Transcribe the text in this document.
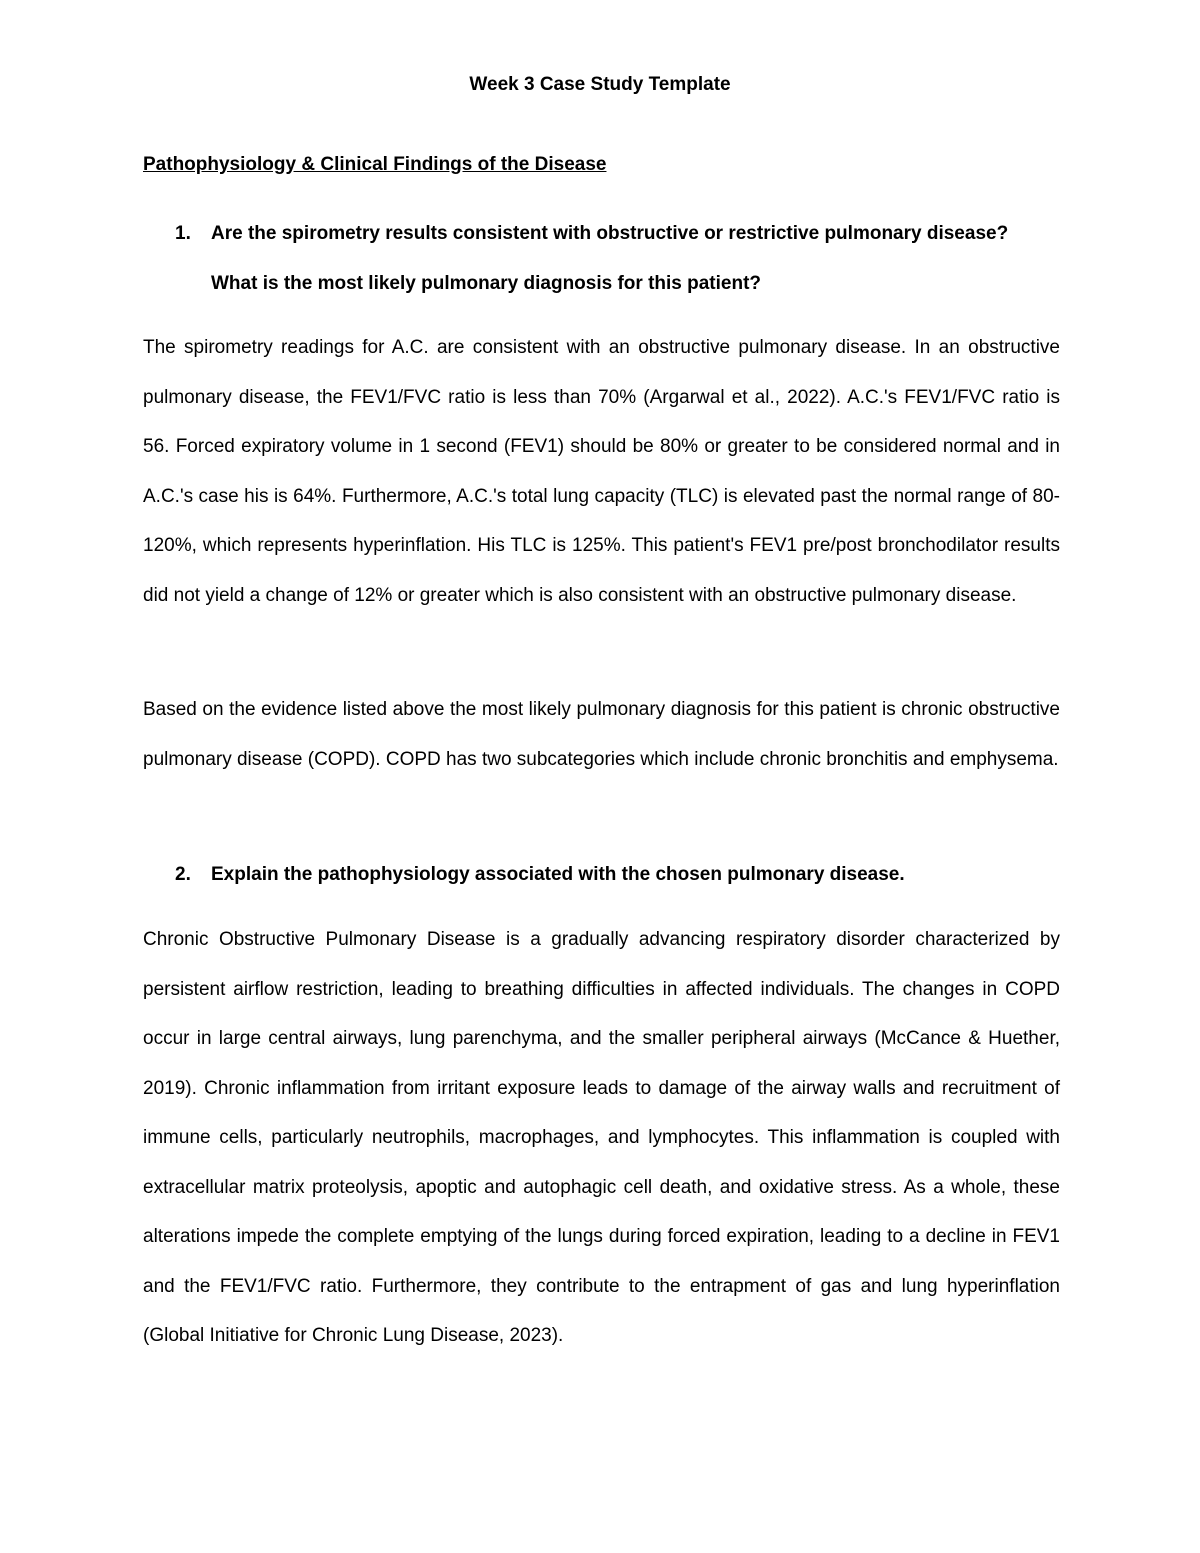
Week 3 Case Study Template
Pathophysiology & Clinical Findings of the Disease
1.	Are the spirometry results consistent with obstructive or restrictive pulmonary disease? What is the most likely pulmonary diagnosis for this patient?

The spirometry readings for A.C. are consistent with an obstructive pulmonary disease. In an obstructive pulmonary disease, the FEV1/FVC ratio is less than 70% (Argarwal et al., 2022). A.C.'s FEV1/FVC ratio is 56. Forced expiratory volume in 1 second (FEV1) should be 80% or greater to be considered normal and in A.C.'s case his is 64%. Furthermore, A.C.'s total lung capacity (TLC) is elevated past the normal range of 80-120%, which represents hyperinflation. His TLC is 125%. This patient's FEV1 pre/post bronchodilator results did not yield a change of 12% or greater which is also consistent with an obstructive pulmonary disease.

Based on the evidence listed above the most likely pulmonary diagnosis for this patient is chronic obstructive pulmonary disease (COPD). COPD has two subcategories which include chronic bronchitis and emphysema.

2.	Explain the pathophysiology associated with the chosen pulmonary disease.

Chronic Obstructive Pulmonary Disease is a gradually advancing respiratory disorder characterized by persistent airflow restriction, leading to breathing difficulties in affected individuals. The changes in COPD occur in large central airways, lung parenchyma, and the smaller peripheral airways (McCance & Huether, 2019). Chronic inflammation from irritant exposure leads to damage of the airway walls and recruitment of immune cells, particularly neutrophils, macrophages, and lymphocytes. This inflammation is coupled with extracellular matrix proteolysis, apoptic and autophagic cell death, and oxidative stress. As a whole, these alterations impede the complete emptying of the lungs during forced expiration, leading to a decline in FEV1 and the FEV1/FVC ratio. Furthermore, they contribute to the entrapment of gas and lung hyperinflation (Global Initiative for Chronic Lung Disease, 2023).
